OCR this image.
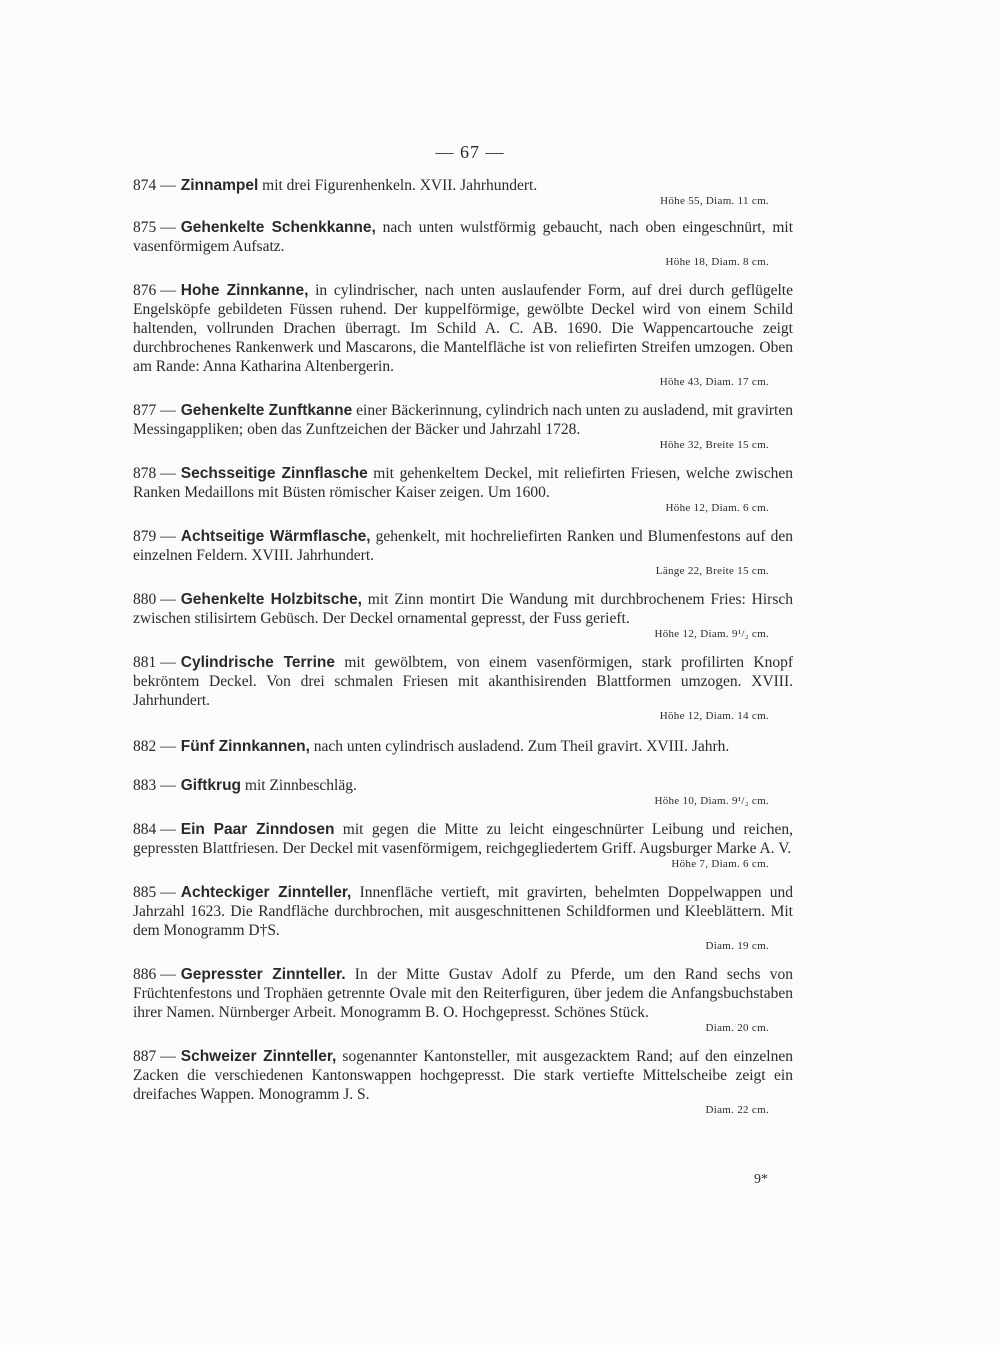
— 67 —
874 — Zinnampel mit drei Figurenhenkeln. XVII. Jahrhundert.
Höhe 55, Diam. 11 cm.
875 — Gehenkelte Schenkkanne, nach unten wulstförmig gebaucht, nach oben eingeschnürt, mit vasenförmigem Aufsatz.
Höhe 18, Diam. 8 cm.
876 — Hohe Zinnkanne, in cylindrischer, nach unten auslaufender Form, auf drei durch geflügelte Engelsköpfe gebildeten Füssen ruhend. Der kuppelförmige, gewölbte Deckel wird von einem Schild haltenden, vollrunden Drachen überragt. Im Schild A. C. AB. 1690. Die Wappencartouche zeigt durchbrochenes Rankenwerk und Mascarons, die Mantelfläche ist von reliefirten Streifen umzogen. Oben am Rande: Anna Katharina Altenbergerin.
Höhe 43, Diam. 17 cm.
877 — Gehenkelte Zunftkanne einer Bäckerinnung, cylindrich nach unten zu ausladend, mit gravirten Messingappliken; oben das Zunftzeichen der Bäcker und Jahrzahl 1728.
Höhe 32, Breite 15 cm.
878 — Sechsseitige Zinnflasche mit gehenkeltem Deckel, mit reliefirten Friesen, welche zwischen Ranken Medaillons mit Büsten römischer Kaiser zeigen. Um 1600.
Höhe 12, Diam. 6 cm.
879 — Achtseitige Wärmflasche, gehenkelt, mit hochreliefirten Ranken und Blumenfestons auf den einzelnen Feldern. XVIII. Jahrhundert.
Länge 22, Breite 15 cm.
880 — Gehenkelte Holzbitsche, mit Zinn montirt Die Wandung mit durchbrochenem Fries: Hirsch zwischen stilisirtem Gebüsch. Der Deckel ornamental gepresst, der Fuss gerieft.
Höhe 12, Diam. 9¹/₂ cm.
881 — Cylindrische Terrine mit gewölbtem, von einem vasenförmigen, stark profilirten Knopf bekröntem Deckel. Von drei schmalen Friesen mit akanthisirenden Blattformen umzogen. XVIII. Jahrhundert.
Höhe 12, Diam. 14 cm.
882 — Fünf Zinnkannen, nach unten cylindrisch ausladend. Zum Theil gravirt. XVIII. Jahrh.
883 — Giftkrug mit Zinnbeschläg.
Höhe 10, Diam. 9¹/₂ cm.
884 — Ein Paar Zinndosen mit gegen die Mitte zu leicht eingeschnürter Leibung und reichen, gepressten Blattfriesen. Der Deckel mit vasenförmigem, reichgegliedertem Griff. Augsburger Marke A. V.
Höhe 7, Diam. 6 cm.
885 — Achteckiger Zinnteller, Innenfläche vertieft, mit gravirten, behelmten Doppelwappen und Jahrzahl 1623. Die Randfläche durchbrochen, mit ausgeschnittenen Schildformen und Kleeblättern. Mit dem Monogramm D†S.
Diam. 19 cm.
886 — Gepresster Zinnteller. In der Mitte Gustav Adolf zu Pferde, um den Rand sechs von Früchtenfestons und Trophäen getrennte Ovale mit den Reiterfiguren, über jedem die Anfangsbuchstaben ihrer Namen. Nürnberger Arbeit. Monogramm B. O. Hochgepresst. Schönes Stück.
Diam. 20 cm.
887 — Schweizer Zinnteller, sogenannter Kantonsteller, mit ausgezacktem Rand; auf den einzelnen Zacken die verschiedenen Kantonswappen hochgepresst. Die stark vertiefte Mittelscheibe zeigt ein dreifaches Wappen. Monogramm J. S.
Diam. 22 cm.
9*
